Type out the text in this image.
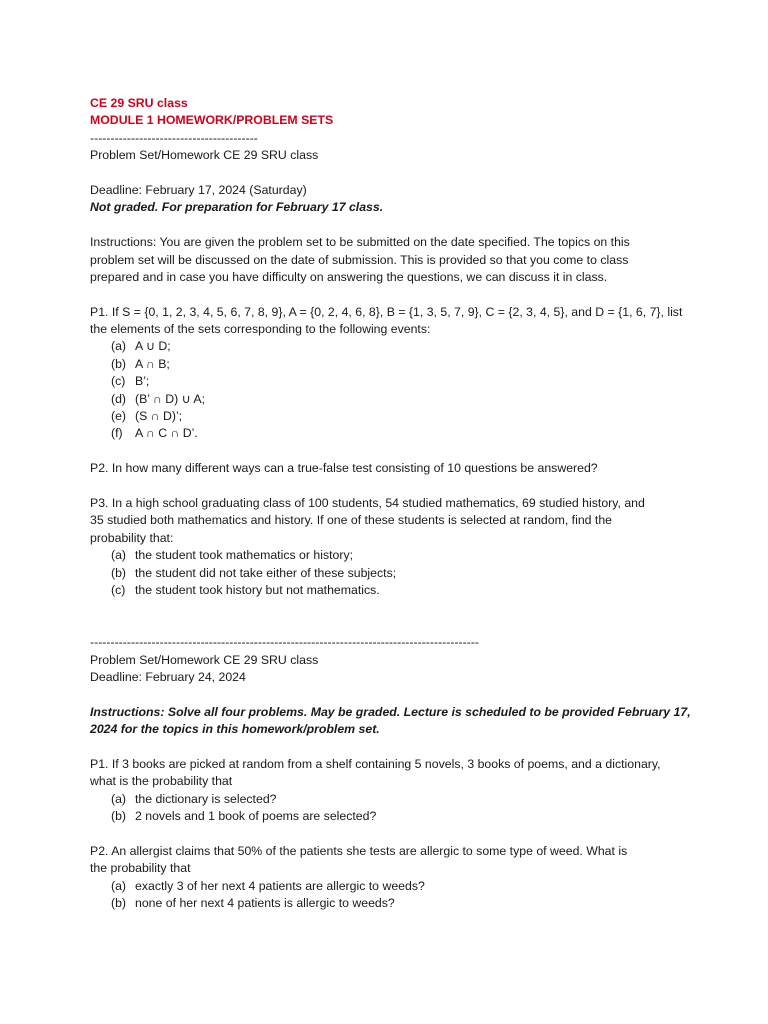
CE 29 SRU class
MODULE 1 HOMEWORK/PROBLEM SETS
-----------------------------------------
Problem Set/Homework CE 29 SRU class
Deadline: February 17, 2024 (Saturday)
Not graded. For preparation for February 17 class.
Instructions: You are given the problem set to be submitted on the date specified. The topics on this
problem set will be discussed on the date of submission. This is provided so that you come to class
prepared and in case you have difficulty on answering the questions, we can discuss it in class.
P1. If S = {0, 1, 2, 3, 4, 5, 6, 7, 8, 9}, A = {0, 2, 4, 6, 8}, B = {1, 3, 5, 7, 9}, C = {2, 3, 4, 5}, and D = {1, 6, 7}, list
the elements of the sets corresponding to the following events:
(a) A ∪ D;
(b) A ∩ B;
(c) B’;
(d) (B’ ∩ D) ∪ A;
(e) (S ∩ D)’;
(f)	A ∩ C ∩ D’.
P2. In how many different ways can a true-false test consisting of 10 questions be answered?
P3. In a high school graduating class of 100 students, 54 studied mathematics, 69 studied history, and
35 studied both mathematics and history. If one of these students is selected at random, find the
probability that:
(a) the student took mathematics or history;
(b) the student did not take either of these subjects;
(c) the student took history but not mathematics.
-----------------------------------------------------------------------------------------------
Problem Set/Homework CE 29 SRU class
Deadline: February 24, 2024
Instructions: Solve all four problems. May be graded. Lecture is scheduled to be provided February 17,
2024 for the topics in this homework/problem set.
P1. If 3 books are picked at random from a shelf containing 5 novels, 3 books of poems, and a dictionary,
what is the probability that
(a) the dictionary is selected?
(b) 2 novels and 1 book of poems are selected?
P2. An allergist claims that 50% of the patients she tests are allergic to some type of weed. What is
the probability that
(a) exactly 3 of her next 4 patients are allergic to weeds?
(b) none of her next 4 patients is allergic to weeds?
